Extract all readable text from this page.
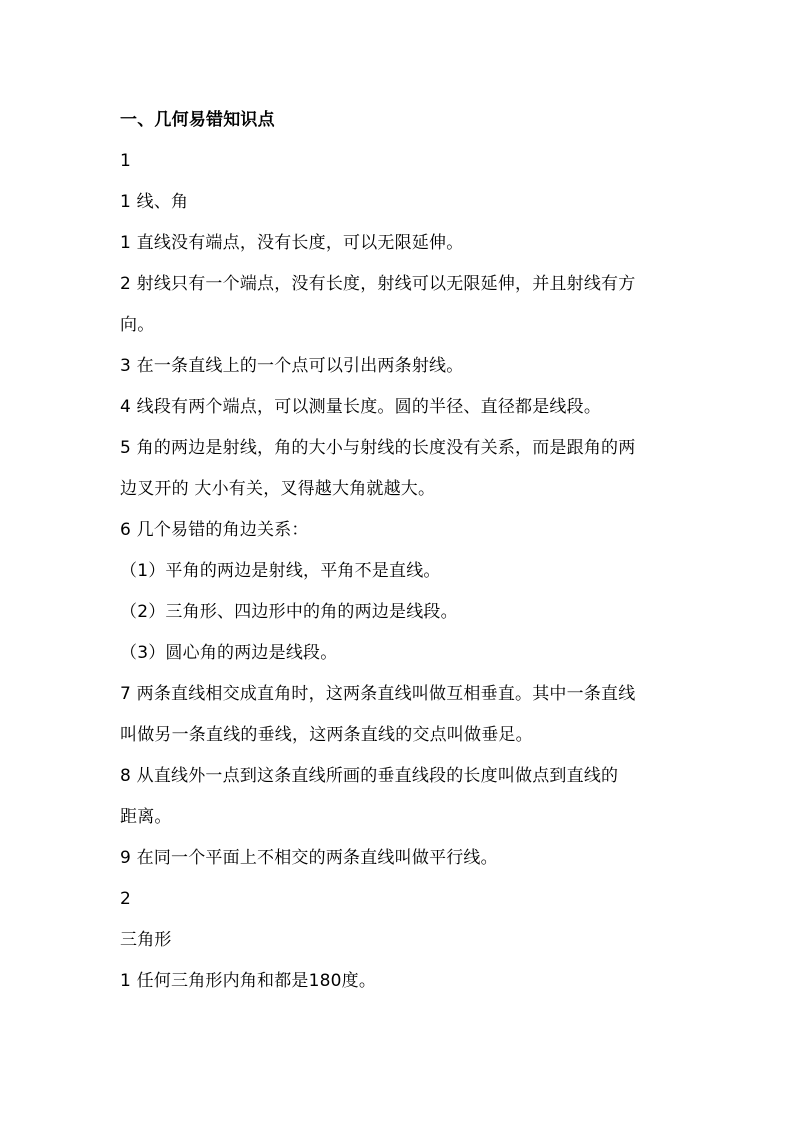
一、几何易错知识点
1
1 线、角
1 直线没有端点，没有长度，可以无限延伸。
2 射线只有一个端点，没有长度，射线可以无限延伸，并且射线有方
向。
3 在一条直线上的一个点可以引出两条射线。
4 线段有两个端点，可以测量长度。圆的半径、直径都是线段。
5 角的两边是射线，角的大小与射线的长度没有关系，而是跟角的两
边叉开的 大小有关，叉得越大角就越大。
6 几个易错的角边关系：
（1）平角的两边是射线，平角不是直线。
（2）三角形、四边形中的角的两边是线段。
（3）圆心角的两边是线段。
7 两条直线相交成直角时，这两条直线叫做互相垂直。其中一条直线
叫做另一条直线的垂线，这两条直线的交点叫做垂足。
8 从直线外一点到这条直线所画的垂直线段的长度叫做点到直线的
距离。
9 在同一个平面上不相交的两条直线叫做平行线。
2
三角形
1 任何三角形内角和都是180度。
